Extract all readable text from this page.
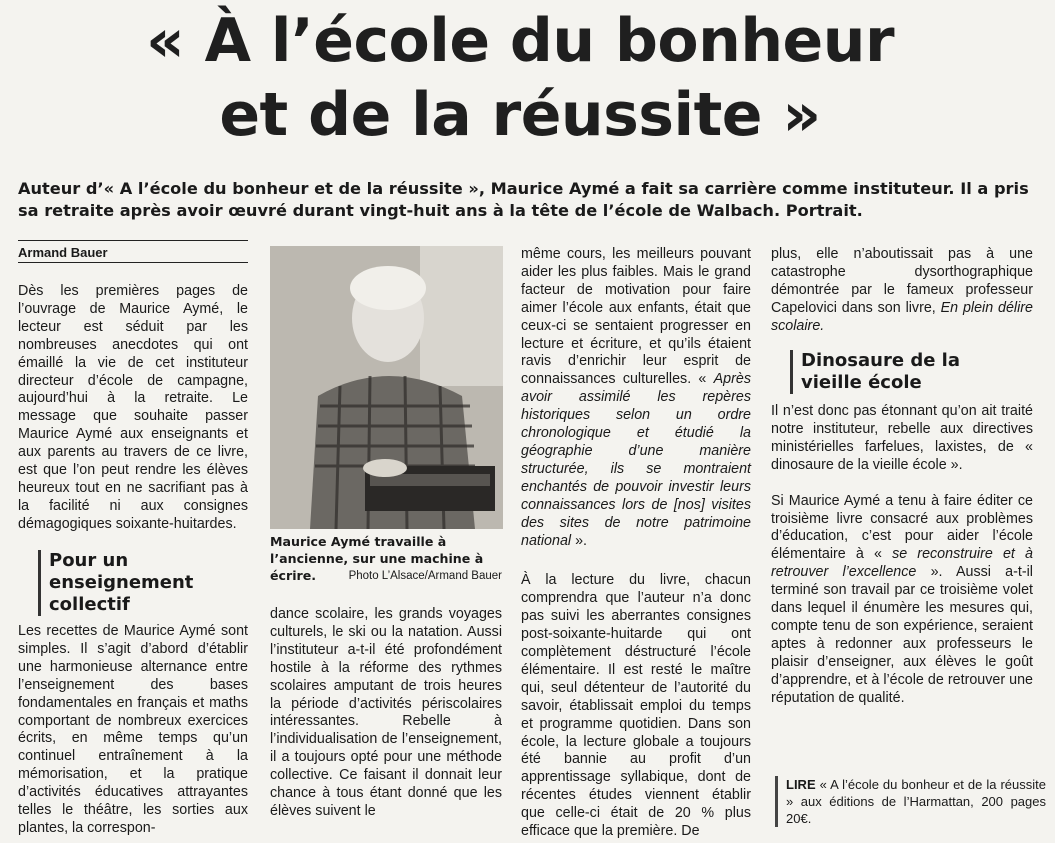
« À l’école du bonheur
et de la réussite »
Auteur d’« A l’école du bonheur et de la réussite », Maurice Aymé a fait sa carrière comme instituteur. Il a pris sa retraite après avoir œuvré durant vingt-huit ans à la tête de l’école de Walbach. Portrait.
Armand Bauer

Dès les premières pages de l’ouvrage de Maurice Aymé, le lecteur est séduit par les nombreuses anecdotes qui ont émaillé la vie de cet instituteur directeur d’école de campagne, aujourd’hui à la retraite. Le message que souhaite passer Maurice Aymé aux enseignants et aux parents au travers de ce livre, est que l’on peut rendre les élèves heureux tout en ne sacrifiant pas à la facilité ni aux consignes démagogiques soixante-huitardes.

Pour un enseignement collectif

Les recettes de Maurice Aymé sont simples. Il s’agit d’abord d’établir une harmonieuse alternance entre l’enseignement des bases fondamentales en français et maths comportant de nombreux exercices écrits, en même temps qu’un continuel entraînement à la mémorisation, et la pratique d’activités éducatives attrayantes telles le théâtre, les sorties aux plantes, la correspon-

Maurice Aymé travaille à l’ancienne, sur une machine à écrire.	Photo L’Alsace/Armand Bauer

dance scolaire, les grands voyages culturels, le ski ou la natation. Aussi l’instituteur a-t-il été profondément hostile à la réforme des rythmes scolaires amputant de trois heures la période d’activités périscolaires intéressantes. Rebelle à l’individualisation de l’enseignement, il a toujours opté pour une méthode collective. Ce faisant il donnait leur chance à tous étant donné que les élèves suivent le

même cours, les meilleurs pouvant aider les plus faibles. Mais le grand facteur de motivation pour faire aimer l’école aux enfants, était que ceux-ci se sentaient progresser en lecture et écriture, et qu’ils étaient ravis d’enrichir leur esprit de connaissances culturelles. « Après avoir assimilé les repères historiques selon un ordre chronologique et étudié la géographie d’une manière structurée, ils se montraient enchantés de pouvoir investir leurs connaissances lors de [nos] visites des sites de notre patrimoine national ».

À la lecture du livre, chacun comprendra que l’auteur n’a donc pas suivi les aberrantes consignes post-soixante-huitarde qui ont complètement déstructuré l’école élémentaire. Il est resté le maître qui, seul détenteur de l’autorité du savoir, établissait emploi du temps et programme quotidien. Dans son école, la lecture globale a toujours été bannie au profit d’un apprentissage syllabique, dont de récentes études viennent établir que celle-ci était de 20 % plus efficace que la première. De

plus, elle n’aboutissait pas à une catastrophe dysorthographique démontrée par le fameux professeur Capelovici dans son livre, En plein délire scolaire.

Dinosaure de la vieille école

Il n’est donc pas étonnant qu’on ait traité notre instituteur, rebelle aux directives ministérielles farfelues, laxistes, de « dinosaure de la vieille école ».

Si Maurice Aymé a tenu à faire éditer ce troisième livre consacré aux problèmes d’éducation, c’est pour aider l’école élémentaire à « se reconstruire et à retrouver l’excellence ». Aussi a-t-il terminé son travail par ce troisième volet dans lequel il énumère les mesures qui, compte tenu de son expérience, seraient aptes à redonner aux professeurs le plaisir d’enseigner, aux élèves le goût d’apprendre, et à l’école de retrouver une réputation de qualité.

LIRE « A l’école du bonheur et de la réussite » aux éditions de l’Harmattan, 200 pages 20€.
